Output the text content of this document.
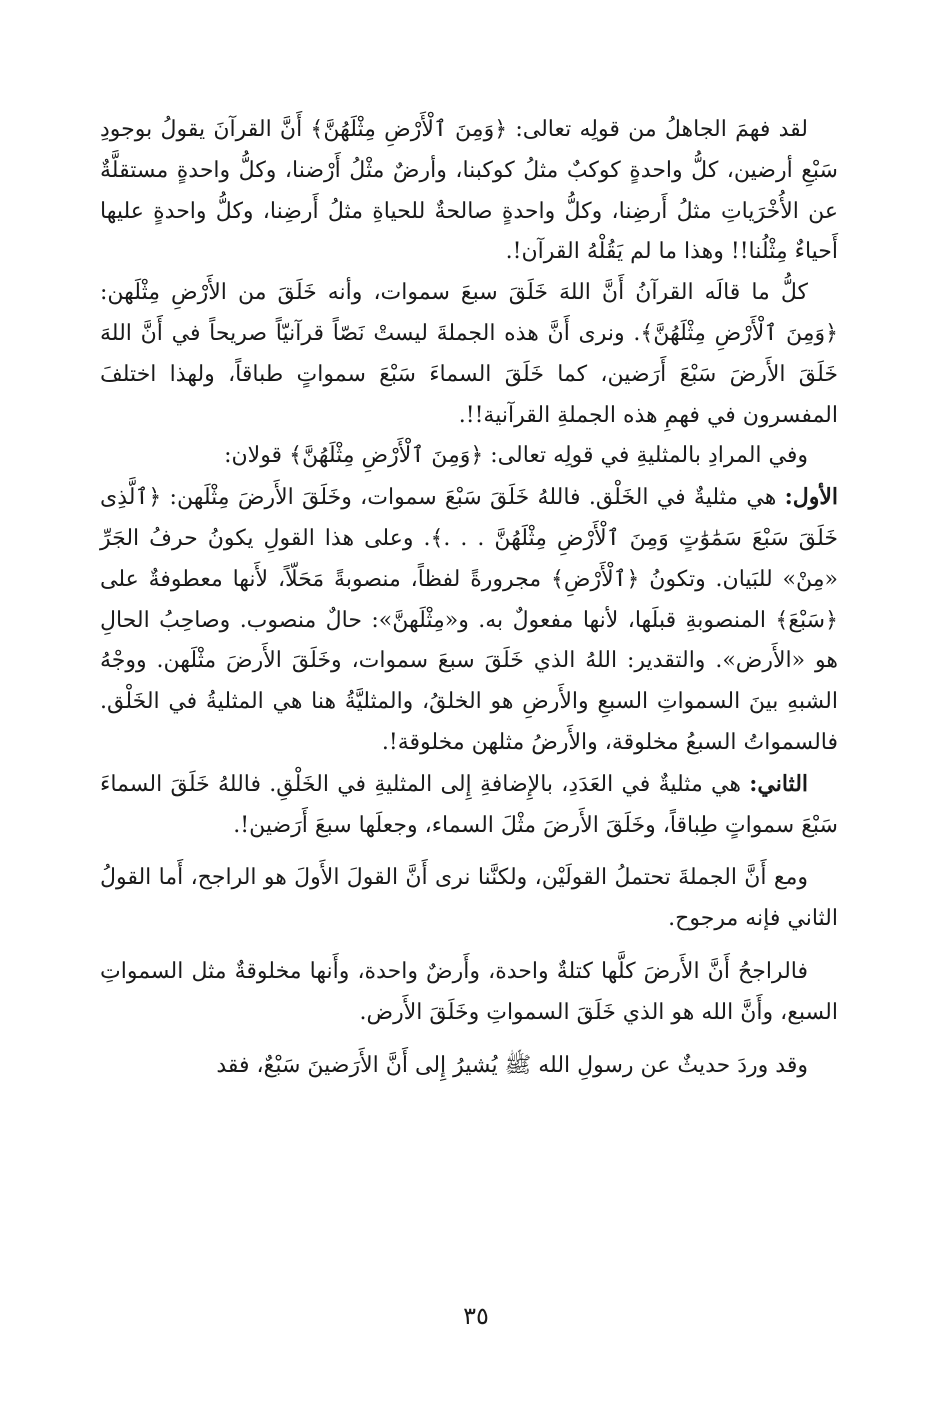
لقد فهمَ الجاهلُ من قولِه تعالى: ﴿وَمِنَ ٱلْأَرْضِ مِثْلَهُنَّ﴾ أَنَّ القرآنَ يقولُ بوجودِ سَبْعِ أرضين، كلُّ واحدةٍ كوكبٌ مثلُ كوكبنا، وأرضٌ مثْلُ أَرْضنا، وكلُّ واحدةٍ مستقلَّةٌ عن الأُخْرَياتِ مثلُ أَرضِنا، وكلُّ واحدةٍ صالحةٌ للحياةِ مثلُ أَرضِنا، وكلُّ واحدةٍ عليها أَحياءٌ مِثْلُنا!! وهذا ما لم يَقُلْهُ القرآن!.

كلُّ ما قالَه القرآنُ أَنَّ اللهَ خَلَقَ سبعَ سموات، وأنه خَلَقَ من الأَرْضِ مِثْلَهن: ﴿وَمِنَ ٱلْأَرْضِ مِثْلَهُنَّ﴾. ونرى أَنَّ هذه الجملةَ ليستْ نَصّاً قرآنيّاً صريحاً في أَنَّ اللهَ خَلَقَ الأَرضَ سَبْعَ أَرَضين، كما خَلَقَ السماءَ سَبْعَ سمواتٍ طباقاً، ولهذا اختلفَ المفسرون في فهمِ هذه الجملةِ القرآنية!!.

وفي المرادِ بالمثليةِ في قولِه تعالى: ﴿وَمِنَ ٱلْأَرْضِ مِثْلَهُنَّ﴾ قولان:

الأول: هي مثليةٌ في الخَلْق. فاللهُ خَلَقَ سَبْعَ سموات، وخَلَقَ الأَرضَ مِثْلَهن: ﴿ٱلَّذِى خَلَقَ سَبْعَ سَمَٰوَٰتٍ وَمِنَ ٱلْأَرْضِ مِثْلَهُنَّ . . .﴾. وعلى هذا القولِ يكونُ حرفُ الجَرِّ «مِنْ» للبَيان. وتكونُ ﴿ٱلْأَرْضِ﴾ مجرورةً لفظاً، منصوبةً مَحَلّاً، لأَنها معطوفةٌ على ﴿سَبْعَ﴾ المنصوبةِ قبلَها، لأنها مفعولٌ به. و«مِثْلَهنَّ»: حالٌ منصوب. وصاحِبُ الحالِ هو «الأَرض». والتقدير: اللهُ الذي خَلَقَ سبعَ سموات، وخَلَقَ الأَرضَ مثْلَهن. ووجْهُ الشبهِ بينَ السمواتِ السبعِ والأَرضِ هو الخلقُ، والمثليَّةُ هنا هي المثليةُ في الخَلْق. فالسمواتُ السبعُ مخلوقة، والأَرضُ مثلهن مخلوقة!.

الثاني: هي مثليةٌ في العَدَدِ، بالإِضافةِ إِلى المثليةِ في الخَلْقِ. فاللهُ خَلَقَ السماءَ سَبْعَ سمواتٍ طِباقاً، وخَلَقَ الأَرضَ مثْلَ السماء، وجعلَها سبعَ أَرَضين!.

ومع أَنَّ الجملةَ تحتملُ القولَيْن، ولكنَّنا نرى أَنَّ القولَ الأَولَ هو الراجح، أَما القولُ الثاني فإنه مرجوح.

فالراجحُ أَنَّ الأَرضَ كلَّها كتلةٌ واحدة، وأَرضٌ واحدة، وأَنها مخلوقةٌ مثل السمواتِ السبع، وأَنَّ الله هو الذي خَلَقَ السمواتِ وخَلَقَ الأَرض.

وقد وردَ حديثٌ عن رسولِ الله ﷺ يُشيرُ إِلى أَنَّ الأَرَضينَ سَبْعٌ، فقد

٣٥
